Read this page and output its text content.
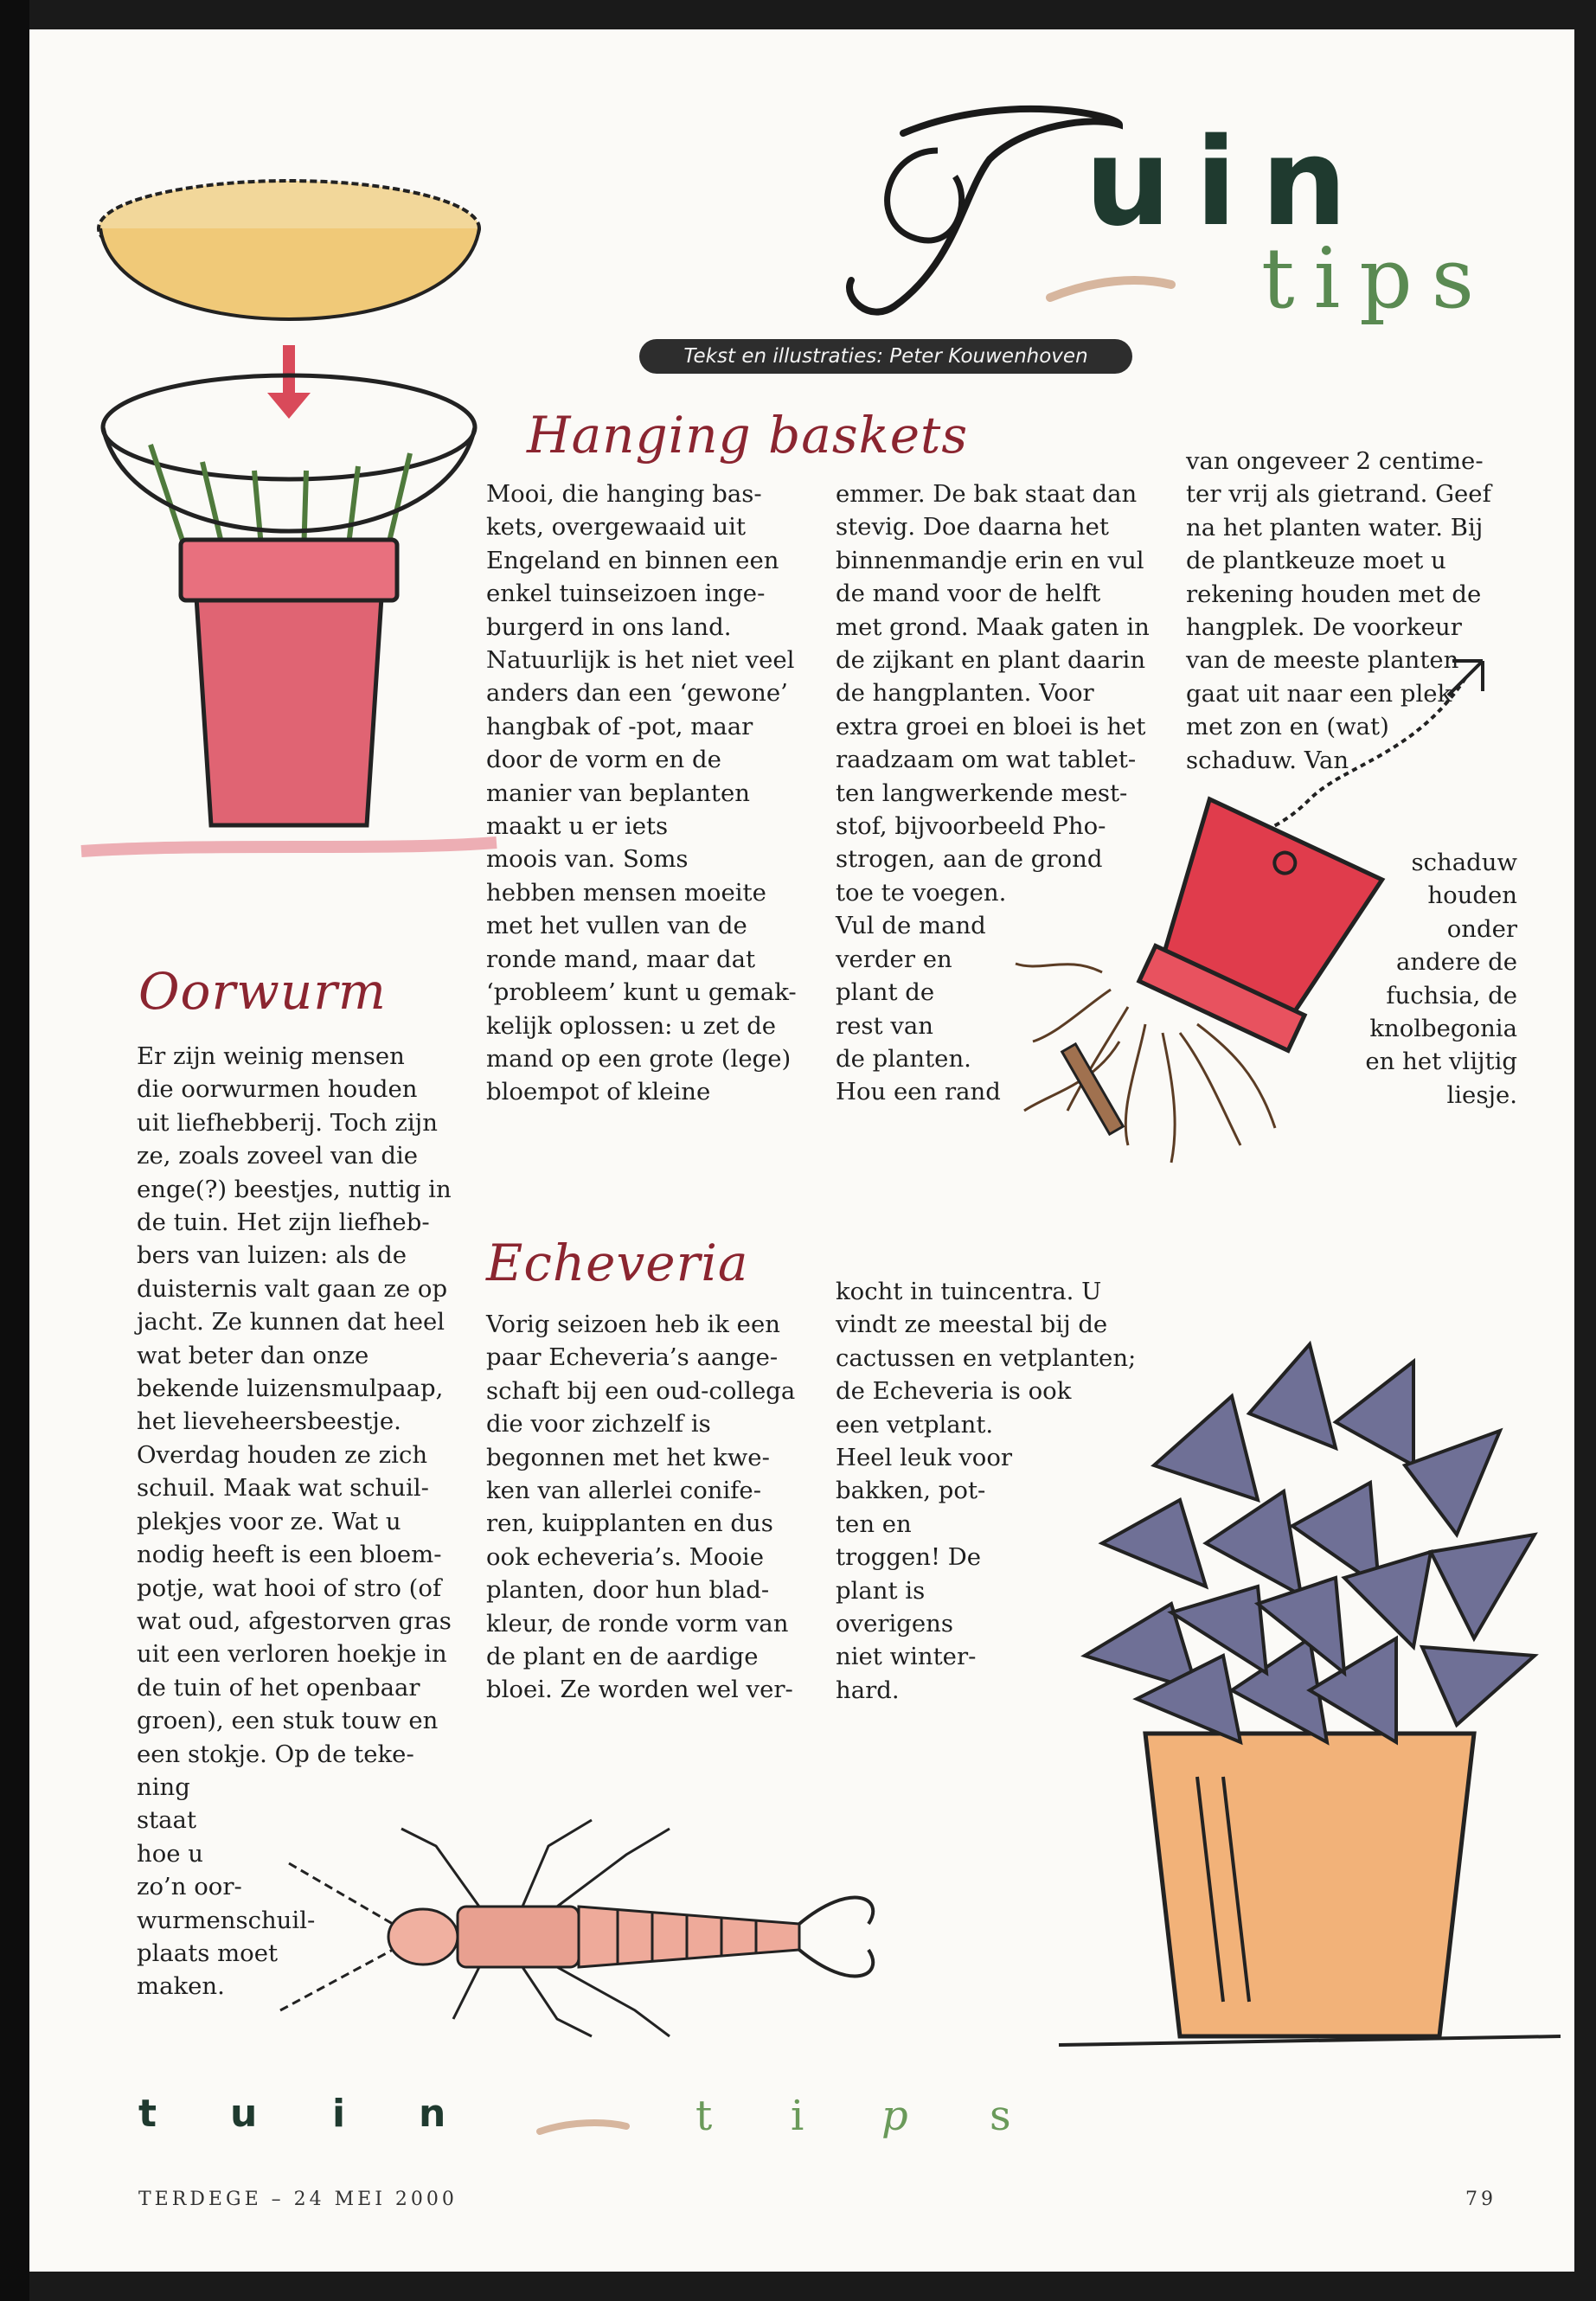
uin
tips
Tekst en illustraties: Peter Kouwenhoven
Hanging baskets

Mooi, die hanging bas-
kets, overgewaaid uit
Engeland en binnen een
enkel tuinseizoen inge-
burgerd in ons land.
Natuurlijk is het niet veel
anders dan een ‘gewone’
hangbak of -pot, maar
door de vorm en de
manier van beplanten
maakt u er iets
moois van. Soms
hebben mensen moeite
met het vullen van de
ronde mand, maar dat
‘probleem’ kunt u gemak-
kelijk oplossen: u zet de
mand op een grote (lege)
bloempot of kleine

emmer. De bak staat dan
stevig. Doe daarna het
binnenmandje erin en vul
de mand voor de helft
met grond. Maak gaten in
de zijkant en plant daarin
de hangplanten. Voor
extra groei en bloei is het
raadzaam om wat tablet-
ten langwerkende mest-
stof, bijvoorbeeld Pho-
strogen, aan de grond
toe te voegen.
Vul de mand
verder en
plant de
rest van
de planten.
Hou een rand

van ongeveer 2 centime-
ter vrij als gietrand. Geef
na het planten water. Bij
de plantkeuze moet u
rekening houden met de
hangplek. De voorkeur
van de meeste planten
gaat uit naar een plek
met zon en (wat)
schaduw. Van

schaduw
houden
onder
andere de
fuchsia, de
knolbegonia
en het vlijtig
liesje.

Oorwurm

Er zijn weinig mensen
die oorwurmen houden
uit liefhebberij. Toch zijn
ze, zoals zoveel van die
enge(?) beestjes, nuttig in
de tuin. Het zijn liefheb-
bers van luizen: als de
duisternis valt gaan ze op
jacht. Ze kunnen dat heel
wat beter dan onze
bekende luizensmulpaap,
het lieveheersbeestje.
Overdag houden ze zich
schuil. Maak wat schuil-
plekjes voor ze. Wat u
nodig heeft is een bloem-
potje, wat hooi of stro (of
wat oud, afgestorven gras
uit een verloren hoekje in
de tuin of het openbaar
groen), een stuk touw en
een stokje. Op de teke-
ning
staat
hoe u
zo’n oor-
wurmenschuil-
plaats moet
maken.

Echeveria

Vorig seizoen heb ik een
paar Echeveria’s aange-
schaft bij een oud-collega
die voor zichzelf is
begonnen met het kwe-
ken van allerlei conife-
ren, kuipplanten en dus
ook echeveria’s. Mooie
planten, door hun blad-
kleur, de ronde vorm van
de plant en de aardige
bloei. Ze worden wel ver-

kocht in tuincentra. U
vindt ze meestal bij de
cactussen en vetplanten;
de Echeveria is ook
een vetplant.
Heel leuk voor
bakken, pot-
ten en
troggen! De
plant is
overigens
niet winter-
hard.

t u i n	t i p s
TERDEGE – 24 MEI 2000	79
